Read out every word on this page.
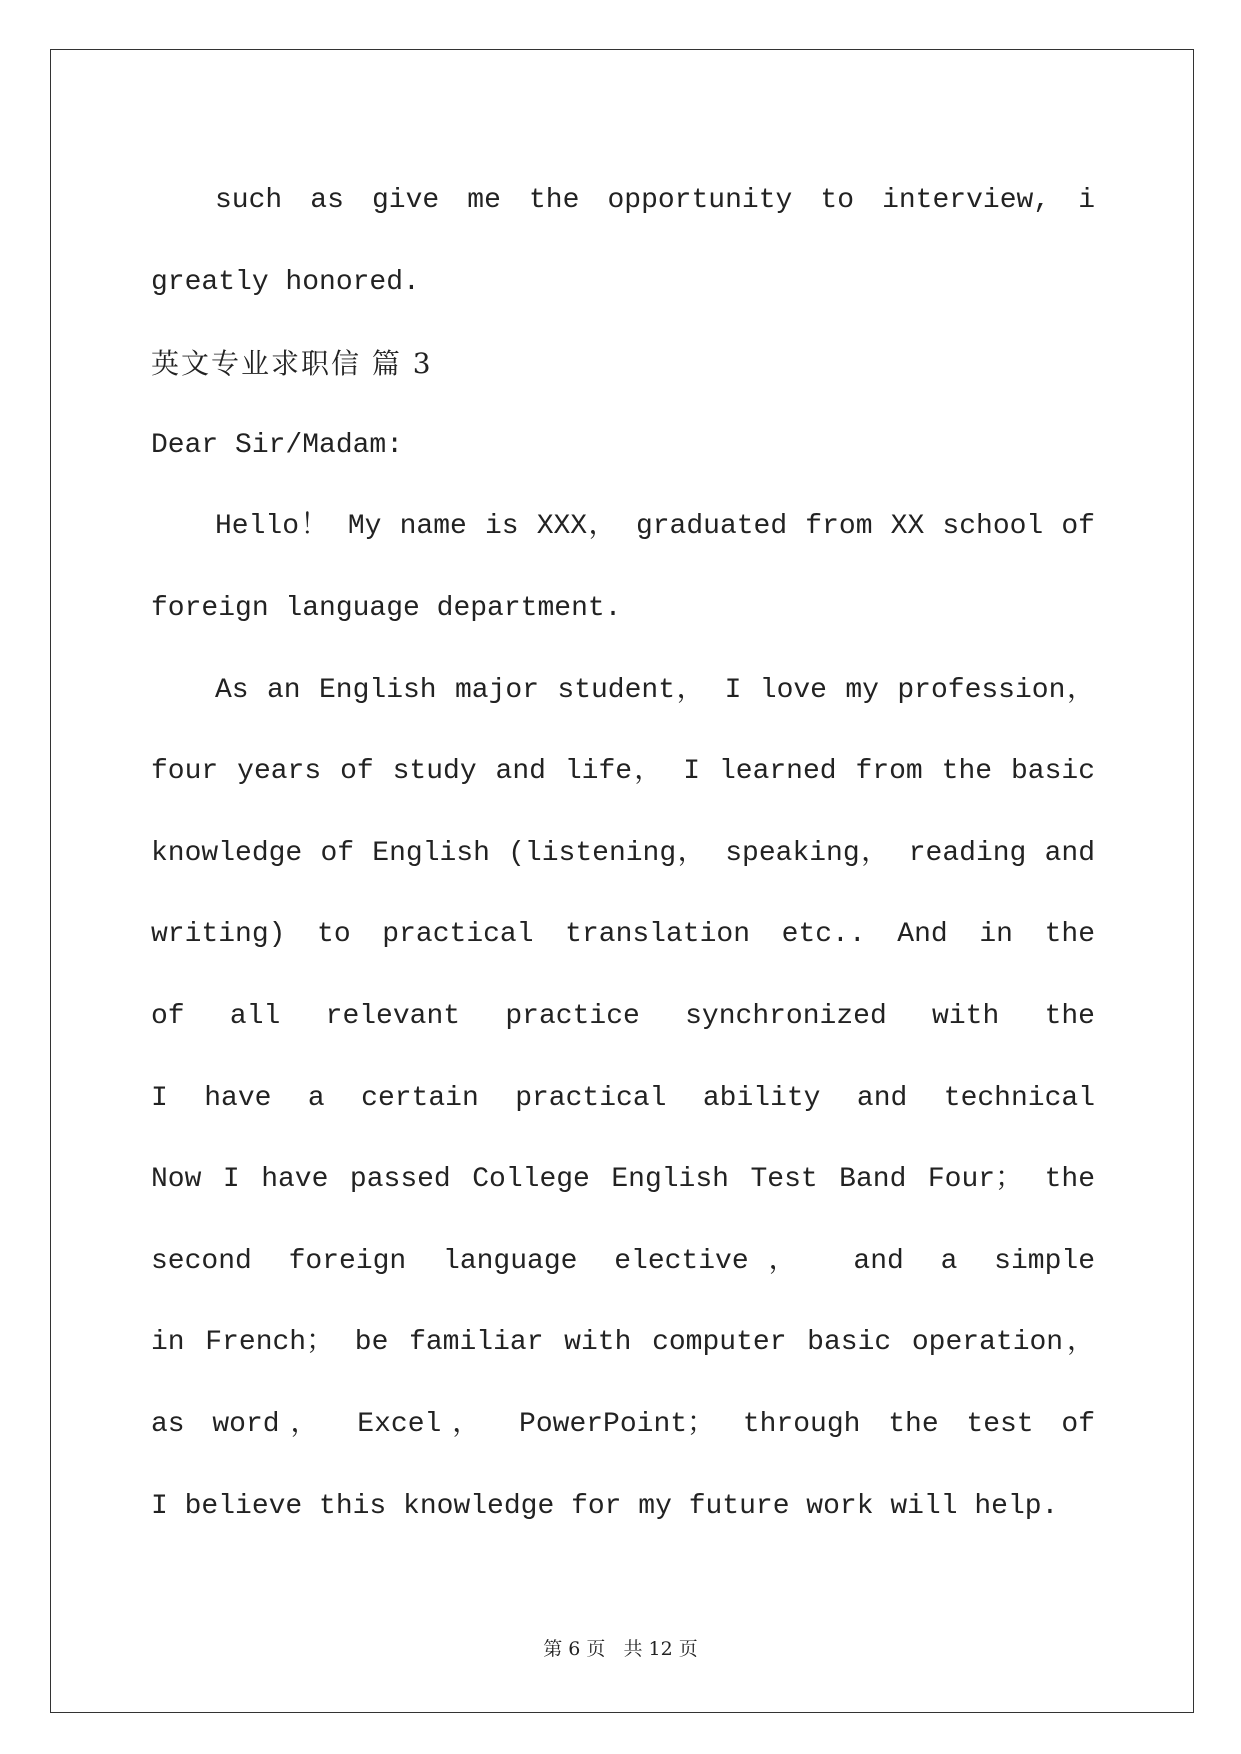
such as give me the opportunity to interview, i
greatly honored.
英文专业求职信 篇 3
Dear Sir/Madam:
Hello！ My name is XXX， graduated from XX school of
foreign language department.
As an English major student， I love my profession，
four years of study and life， I learned from the basic
knowledge of English (listening， speaking， reading and
writing) to practical translation etc.. And in the
of all relevant practice synchronized with the
I have a certain practical ability and technical
Now I have passed College English Test Band Four； the
second foreign language elective， and a simple
in French； be familiar with computer basic operation，
as word， Excel， PowerPoint； through the test of
I believe this knowledge for my future work will help.
第 6 页 共 12 页
